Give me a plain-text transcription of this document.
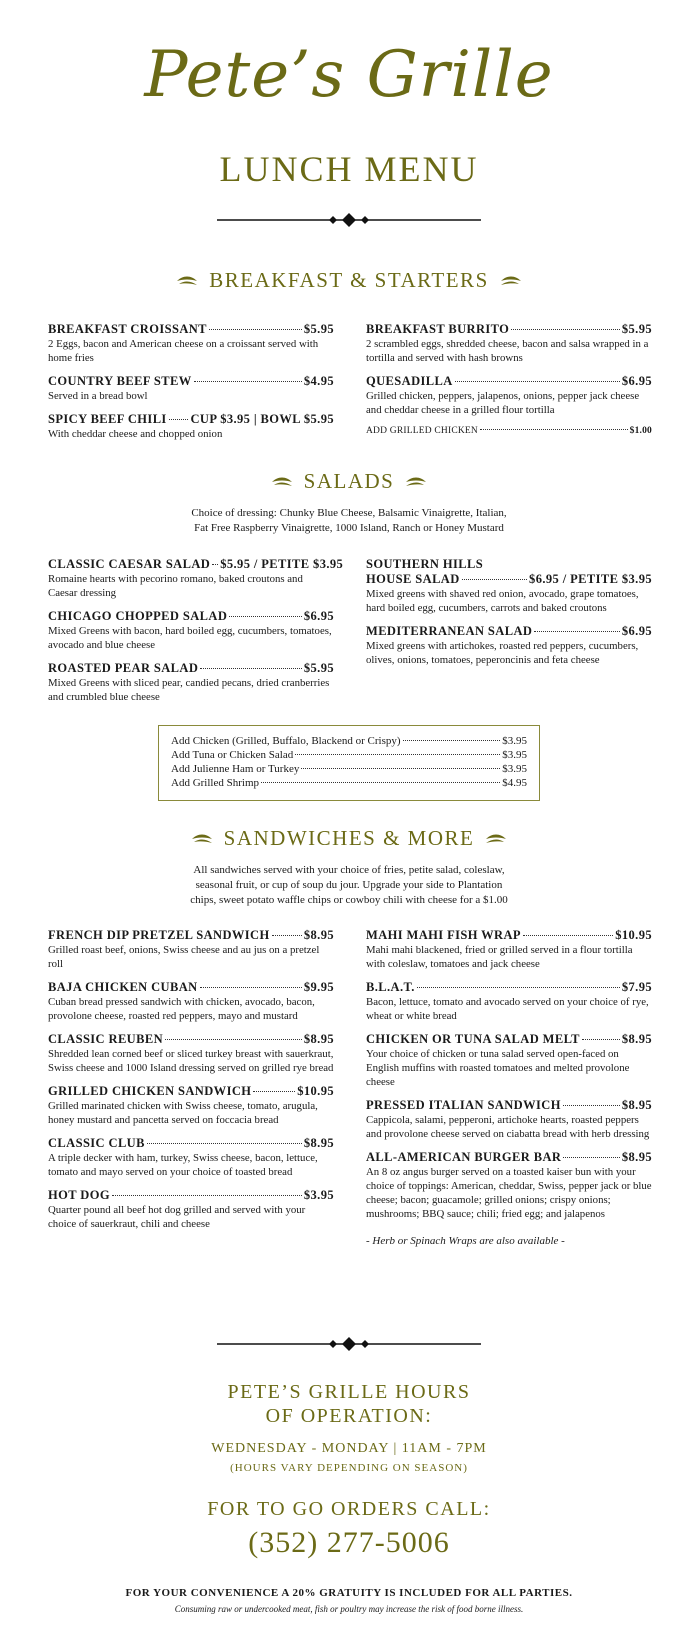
Pete’s Grille
LUNCH MENU
BREAKFAST & STARTERS
BREAKFAST CROISSANT	$5.95
2 Eggs, bacon and American cheese on a croissant served with home fries
COUNTRY BEEF STEW	$4.95
Served in a bread bowl
SPICY BEEF CHILI CUP $3.95 | BOWL $5.95
With cheddar cheese and chopped onion
BREAKFAST BURRITO	$5.95
2 scrambled eggs, shredded cheese, bacon and salsa wrapped in a tortilla and served with hash browns
QUESADILLA	$6.95
Grilled chicken, peppers, jalapenos, onions, pepper jack cheese and cheddar cheese in a grilled flour tortilla
ADD GRILLED CHICKEN	$1.00
SALADS
Choice of dressing: Chunky Blue Cheese, Balsamic Vinaigrette, Italian,
Fat Free Raspberry Vinaigrette, 1000 Island, Ranch or Honey Mustard
CLASSIC CAESAR SALAD $5.95 / PETITE $3.95
Romaine hearts with pecorino romano, baked croutons and Caesar dressing
CHICAGO CHOPPED SALAD	$6.95
Mixed Greens with bacon, hard boiled egg, cucumbers, tomatoes, avocado and blue cheese
ROASTED PEAR SALAD	$5.95
Mixed Greens with sliced pear, candied pecans, dried cranberries and crumbled blue cheese
SOUTHERN HILLS
HOUSE SALAD	$6.95 / PETITE $3.95
Mixed greens with shaved red onion, avocado, grape tomatoes, hard boiled egg, cucumbers, carrots and baked croutons
MEDITERRANEAN SALAD	$6.95
Mixed greens with artichokes, roasted red peppers, cucumbers, olives, onions, tomatoes, peperoncinis and feta cheese
Add Chicken (Grilled, Buffalo, Blackend or Crispy)	$3.95
Add Tuna or Chicken Salad	$3.95
Add Julienne Ham or Turkey	$3.95
Add Grilled Shrimp	$4.95
SANDWICHES & MORE
All sandwiches served with your choice of fries, petite salad, coleslaw,
seasonal fruit, or cup of soup du jour. Upgrade your side to Plantation
chips, sweet potato waffle chips or cowboy chili with cheese for a $1.00
FRENCH DIP PRETZEL SANDWICH	$8.95
Grilled roast beef, onions, Swiss cheese and au jus on a pretzel roll
BAJA CHICKEN CUBAN	$9.95
Cuban bread pressed sandwich with chicken, avocado, bacon, provolone cheese, roasted red peppers, mayo and mustard
CLASSIC REUBEN	$8.95
Shredded lean corned beef or sliced turkey breast with sauerkraut, Swiss cheese and 1000 Island dressing served on grilled rye bread
GRILLED CHICKEN SANDWICH	$10.95
Grilled marinated chicken with Swiss cheese, tomato, arugula, honey mustard and pancetta served on foccacia bread
CLASSIC CLUB	$8.95
A triple decker with ham, turkey, Swiss cheese, bacon, lettuce, tomato and mayo served on your choice of toasted bread
HOT DOG	$3.95
Quarter pound all beef hot dog grilled and served with your choice of sauerkraut, chili and cheese
MAHI MAHI FISH WRAP	$10.95
Mahi mahi blackened, fried or grilled served in a flour tortilla with coleslaw, tomatoes and jack cheese
B.L.A.T.	$7.95
Bacon, lettuce, tomato and avocado served on your choice of rye, wheat or white bread
CHICKEN OR TUNA SALAD MELT	$8.95
Your choice of chicken or tuna salad served open-faced on English muffins with roasted tomatoes and melted provolone cheese
PRESSED ITALIAN SANDWICH	$8.95
Cappicola, salami, pepperoni, artichoke hearts, roasted peppers and provolone cheese served on ciabatta bread with herb dressing
ALL-AMERICAN BURGER BAR	$8.95
An 8 oz angus burger served on a toasted kaiser bun with your choice of toppings: American, cheddar, Swiss, pepper jack or blue cheese; bacon; guacamole; grilled onions; crispy onions; mushrooms; BBQ sauce; chili; fried egg; and jalapenos
- Herb or Spinach Wraps are also available -
PETE’S GRILLE HOURS
OF OPERATION:
WEDNESDAY - MONDAY | 11AM - 7PM
(HOURS VARY DEPENDING ON SEASON)
FOR TO GO ORDERS CALL:
(352) 277-5006
FOR YOUR CONVENIENCE A 20% GRATUITY IS INCLUDED FOR ALL PARTIES.
Consuming raw or undercooked meat, fish or poultry may increase the risk of food borne illness.
